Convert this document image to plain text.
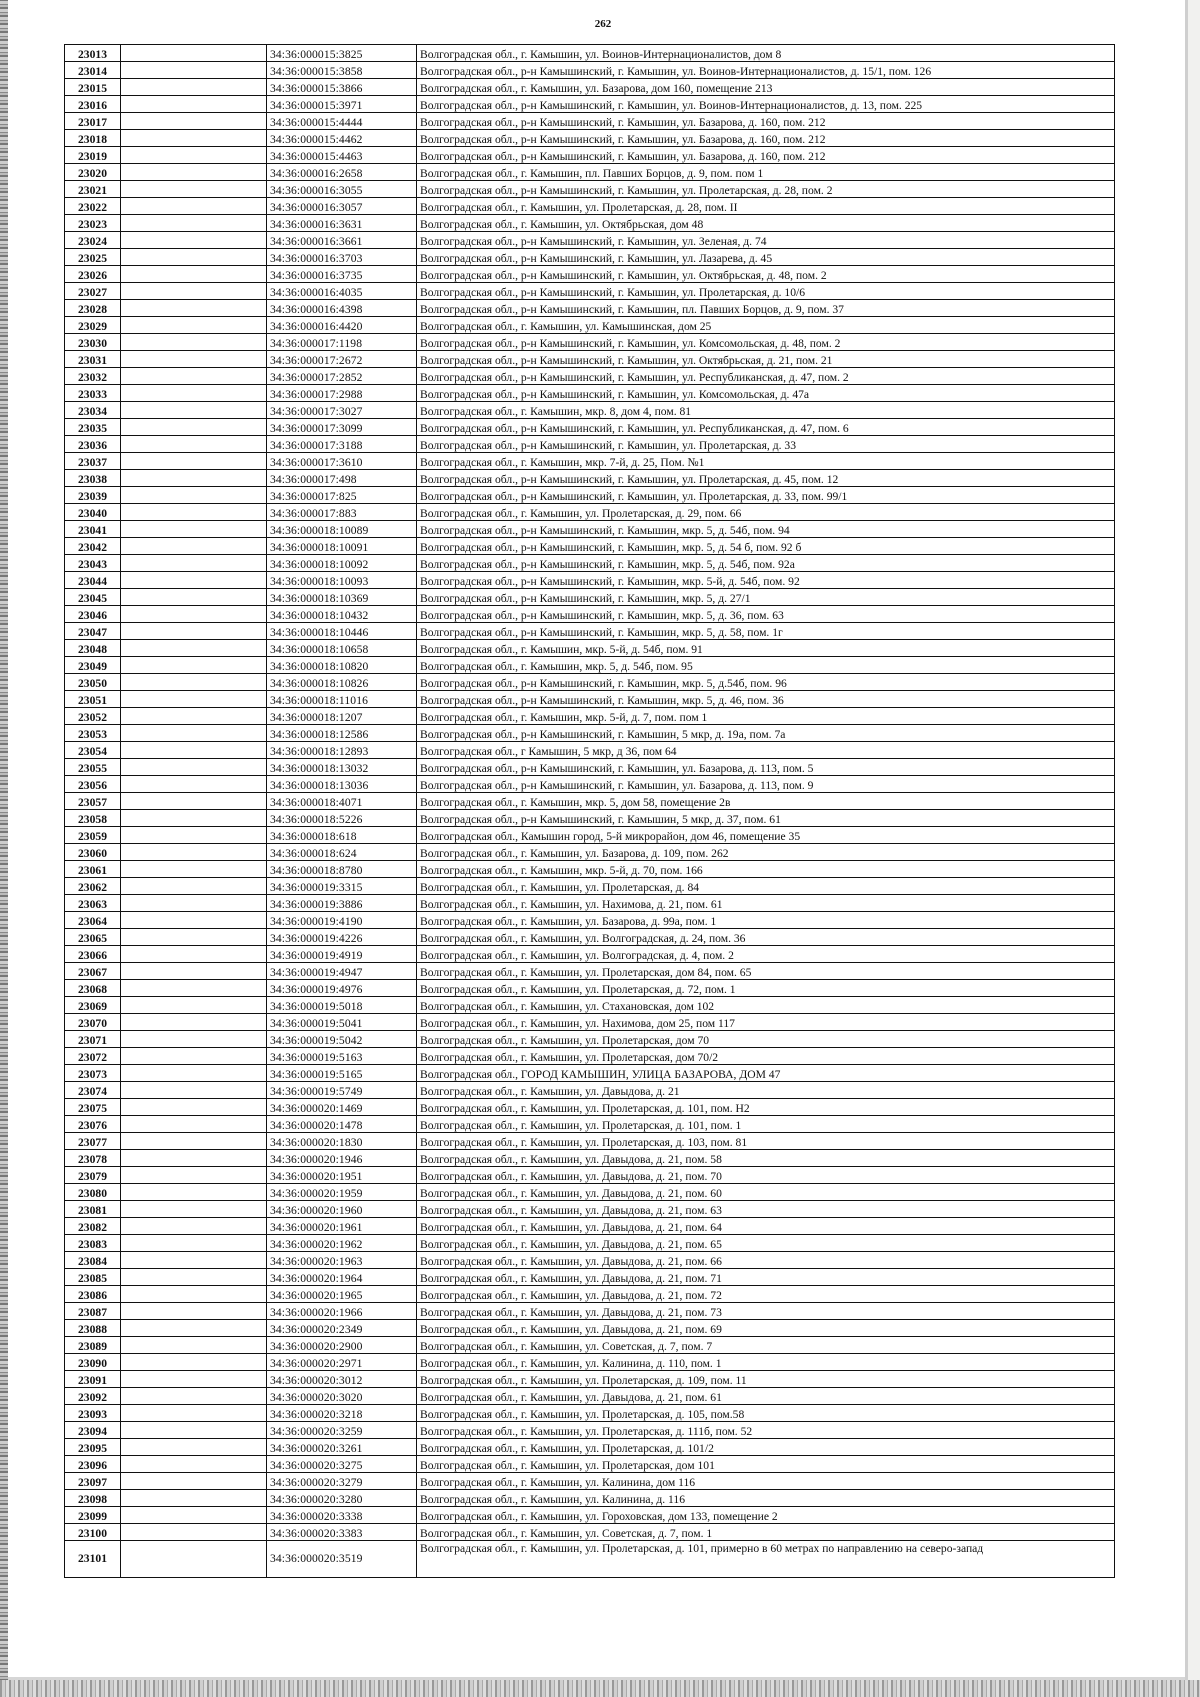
262
23013		34:36:000015:3825	Волгоградская обл., г. Камышин, ул. Воинов-Интернационалистов, дом 8
23014		34:36:000015:3858	Волгоградская обл., р-н Камышинский, г. Камышин, ул. Воинов-Интернационалистов, д. 15/1, пом. 126
23015		34:36:000015:3866	Волгоградская обл., г. Камышин, ул. Базарова, дом 160, помещение 213
23016		34:36:000015:3971	Волгоградская обл., р-н Камышинский, г. Камышин, ул. Воинов-Интернационалистов, д. 13, пом. 225
23017		34:36:000015:4444	Волгоградская обл., р-н Камышинский, г. Камышин, ул. Базарова, д. 160, пом. 212
23018		34:36:000015:4462	Волгоградская обл., р-н Камышинский, г. Камышин, ул. Базарова, д. 160, пом. 212
23019		34:36:000015:4463	Волгоградская обл., р-н Камышинский, г. Камышин, ул. Базарова, д. 160, пом. 212
23020		34:36:000016:2658	Волгоградская обл., г. Камышин, пл. Павших Борцов, д. 9, пом. пом 1
23021		34:36:000016:3055	Волгоградская обл., р-н Камышинский, г. Камышин, ул. Пролетарская, д. 28, пом. 2
23022		34:36:000016:3057	Волгоградская обл., г. Камышин, ул. Пролетарская, д. 28, пом. II
23023		34:36:000016:3631	Волгоградская обл., г. Камышин, ул. Октябрьская, дом 48
23024		34:36:000016:3661	Волгоградская обл., р-н Камышинский, г. Камышин, ул. Зеленая, д. 74
23025		34:36:000016:3703	Волгоградская обл., р-н Камышинский, г. Камышин, ул. Лазарева, д. 45
23026		34:36:000016:3735	Волгоградская обл., р-н Камышинский, г. Камышин, ул. Октябрьская, д. 48, пом. 2
23027		34:36:000016:4035	Волгоградская обл., р-н Камышинский, г. Камышин, ул. Пролетарская, д. 10/6
23028		34:36:000016:4398	Волгоградская обл., р-н Камышинский, г. Камышин, пл. Павших Борцов, д. 9, пом. 37
23029		34:36:000016:4420	Волгоградская обл., г. Камышин, ул. Камышинская, дом 25
23030		34:36:000017:1198	Волгоградская обл., р-н Камышинский, г. Камышин, ул. Комсомольская, д. 48, пом. 2
23031		34:36:000017:2672	Волгоградская обл., р-н Камышинский, г. Камышин, ул. Октябрьская, д. 21, пом. 21
23032		34:36:000017:2852	Волгоградская обл., р-н Камышинский, г. Камышин, ул. Республиканская, д. 47, пом. 2
23033		34:36:000017:2988	Волгоградская обл., р-н Камышинский, г. Камышин, ул. Комсомольская, д. 47а
23034		34:36:000017:3027	Волгоградская обл., г. Камышин, мкр. 8, дом 4, пом. 81
23035		34:36:000017:3099	Волгоградская обл., р-н Камышинский, г. Камышин, ул. Республиканская, д. 47, пом. 6
23036		34:36:000017:3188	Волгоградская обл., р-н Камышинский, г. Камышин, ул. Пролетарская, д. 33
23037		34:36:000017:3610	Волгоградская обл., г. Камышин, мкр. 7-й, д. 25, Пом. №1
23038		34:36:000017:498	Волгоградская обл., р-н Камышинский, г. Камышин, ул. Пролетарская, д. 45, пом. 12
23039		34:36:000017:825	Волгоградская обл., р-н Камышинский, г. Камышин, ул. Пролетарская, д. 33, пом. 99/1
23040		34:36:000017:883	Волгоградская обл., г. Камышин, ул. Пролетарская, д. 29, пом. 66
23041		34:36:000018:10089	Волгоградская обл., р-н Камышинский, г. Камышин, мкр. 5, д. 54б, пом. 94
23042		34:36:000018:10091	Волгоградская обл., р-н Камышинский, г. Камышин, мкр. 5, д. 54 б, пом. 92 б
23043		34:36:000018:10092	Волгоградская обл., р-н Камышинский, г. Камышин, мкр. 5, д. 54б, пом. 92а
23044		34:36:000018:10093	Волгоградская обл., р-н Камышинский, г. Камышин, мкр. 5-й, д. 54б, пом. 92
23045		34:36:000018:10369	Волгоградская обл., р-н Камышинский, г. Камышин, мкр. 5, д. 27/1
23046		34:36:000018:10432	Волгоградская обл., р-н Камышинский, г. Камышин, мкр. 5, д. 36, пом. 63
23047		34:36:000018:10446	Волгоградская обл., р-н Камышинский, г. Камышин, мкр. 5, д. 58, пом. 1г
23048		34:36:000018:10658	Волгоградская обл., г. Камышин, мкр. 5-й, д. 54б, пом. 91
23049		34:36:000018:10820	Волгоградская обл., г. Камышин, мкр. 5, д. 54б, пом. 95
23050		34:36:000018:10826	Волгоградская обл., р-н Камышинский, г. Камышин, мкр. 5, д.54б, пом. 96
23051		34:36:000018:11016	Волгоградская обл., р-н Камышинский, г. Камышин, мкр. 5, д. 46, пом. 36
23052		34:36:000018:1207	Волгоградская обл., г. Камышин, мкр. 5-й, д. 7, пом. пом 1
23053		34:36:000018:12586	Волгоградская обл., р-н Камышинский, г. Камышин, 5 мкр, д. 19а, пом. 7а
23054		34:36:000018:12893	Волгоградская обл., г Камышин, 5 мкр, д 36, пом 64
23055		34:36:000018:13032	Волгоградская обл., р-н Камышинский, г. Камышин, ул. Базарова, д. 113, пом. 5
23056		34:36:000018:13036	Волгоградская обл., р-н Камышинский, г. Камышин, ул. Базарова, д. 113, пом. 9
23057		34:36:000018:4071	Волгоградская обл., г. Камышин, мкр. 5, дом 58, помещение 2в
23058		34:36:000018:5226	Волгоградская обл., р-н Камышинский, г. Камышин, 5 мкр, д. 37, пом. 61
23059		34:36:000018:618	Волгоградская обл., Камышин город, 5-й микрорайон, дом 46, помещение 35
23060		34:36:000018:624	Волгоградская обл., г. Камышин, ул. Базарова, д. 109, пом. 262
23061		34:36:000018:8780	Волгоградская обл., г. Камышин, мкр. 5-й, д. 70, пом. 166
23062		34:36:000019:3315	Волгоградская обл., г. Камышин, ул. Пролетарская, д. 84
23063		34:36:000019:3886	Волгоградская обл., г. Камышин, ул. Нахимова, д. 21, пом. 61
23064		34:36:000019:4190	Волгоградская обл., г. Камышин, ул. Базарова, д. 99а, пом. 1
23065		34:36:000019:4226	Волгоградская обл., г. Камышин, ул. Волгоградская, д. 24, пом. 36
23066		34:36:000019:4919	Волгоградская обл., г. Камышин, ул. Волгоградская, д. 4, пом. 2
23067		34:36:000019:4947	Волгоградская обл., г. Камышин, ул. Пролетарская, дом 84, пом. 65
23068		34:36:000019:4976	Волгоградская обл., г. Камышин, ул. Пролетарская, д. 72, пом. 1
23069		34:36:000019:5018	Волгоградская обл., г. Камышин, ул. Стахановская, дом 102
23070		34:36:000019:5041	Волгоградская обл., г. Камышин, ул. Нахимова, дом 25, пом 117
23071		34:36:000019:5042	Волгоградская обл., г. Камышин, ул. Пролетарская, дом 70
23072		34:36:000019:5163	Волгоградская обл., г. Камышин, ул. Пролетарская, дом 70/2
23073		34:36:000019:5165	Волгоградская обл., ГОРОД КАМЫШИН, УЛИЦА БАЗАРОВА, ДОМ 47
23074		34:36:000019:5749	Волгоградская обл., г. Камышин, ул. Давыдова, д. 21
23075		34:36:000020:1469	Волгоградская обл., г. Камышин, ул. Пролетарская, д. 101, пом. Н2
23076		34:36:000020:1478	Волгоградская обл., г. Камышин, ул. Пролетарская, д. 101, пом. 1
23077		34:36:000020:1830	Волгоградская обл., г. Камышин, ул. Пролетарская, д. 103, пом. 81
23078		34:36:000020:1946	Волгоградская обл., г. Камышин, ул. Давыдова, д. 21, пом. 58
23079		34:36:000020:1951	Волгоградская обл., г. Камышин, ул. Давыдова, д. 21, пом. 70
23080		34:36:000020:1959	Волгоградская обл., г. Камышин, ул. Давыдова, д. 21, пом. 60
23081		34:36:000020:1960	Волгоградская обл., г. Камышин, ул. Давыдова, д. 21, пом. 63
23082		34:36:000020:1961	Волгоградская обл., г. Камышин, ул. Давыдова, д. 21, пом. 64
23083		34:36:000020:1962	Волгоградская обл., г. Камышин, ул. Давыдова, д. 21, пом. 65
23084		34:36:000020:1963	Волгоградская обл., г. Камышин, ул. Давыдова, д. 21, пом. 66
23085		34:36:000020:1964	Волгоградская обл., г. Камышин, ул. Давыдова, д. 21, пом. 71
23086		34:36:000020:1965	Волгоградская обл., г. Камышин, ул. Давыдова, д. 21, пом. 72
23087		34:36:000020:1966	Волгоградская обл., г. Камышин, ул. Давыдова, д. 21, пом. 73
23088		34:36:000020:2349	Волгоградская обл., г. Камышин, ул. Давыдова, д. 21, пом. 69
23089		34:36:000020:2900	Волгоградская обл., г. Камышин, ул. Советская, д. 7, пом. 7
23090		34:36:000020:2971	Волгоградская обл., г. Камышин, ул. Калинина, д. 110, пом. 1
23091		34:36:000020:3012	Волгоградская обл., г. Камышин, ул. Пролетарская, д. 109, пом. 11
23092		34:36:000020:3020	Волгоградская обл., г. Камышин, ул. Давыдова, д. 21, пом. 61
23093		34:36:000020:3218	Волгоградская обл., г. Камышин, ул. Пролетарская, д. 105, пом.58
23094		34:36:000020:3259	Волгоградская обл., г. Камышин, ул. Пролетарская, д. 111б, пом. 52
23095		34:36:000020:3261	Волгоградская обл., г. Камышин, ул. Пролетарская, д. 101/2
23096		34:36:000020:3275	Волгоградская обл., г. Камышин, ул. Пролетарская, дом 101
23097		34:36:000020:3279	Волгоградская обл., г. Камышин, ул. Калинина, дом 116
23098		34:36:000020:3280	Волгоградская обл., г. Камышин, ул. Калинина, д. 116
23099		34:36:000020:3338	Волгоградская обл., г. Камышин, ул. Гороховская, дом 133, помещение 2
23100		34:36:000020:3383	Волгоградская обл., г. Камышин, ул. Советская, д. 7, пом. 1
23101		34:36:000020:3519	Волгоградская обл., г. Камышин, ул. Пролетарская, д. 101, примерно в 60 метрах по направлению на северо-запад
